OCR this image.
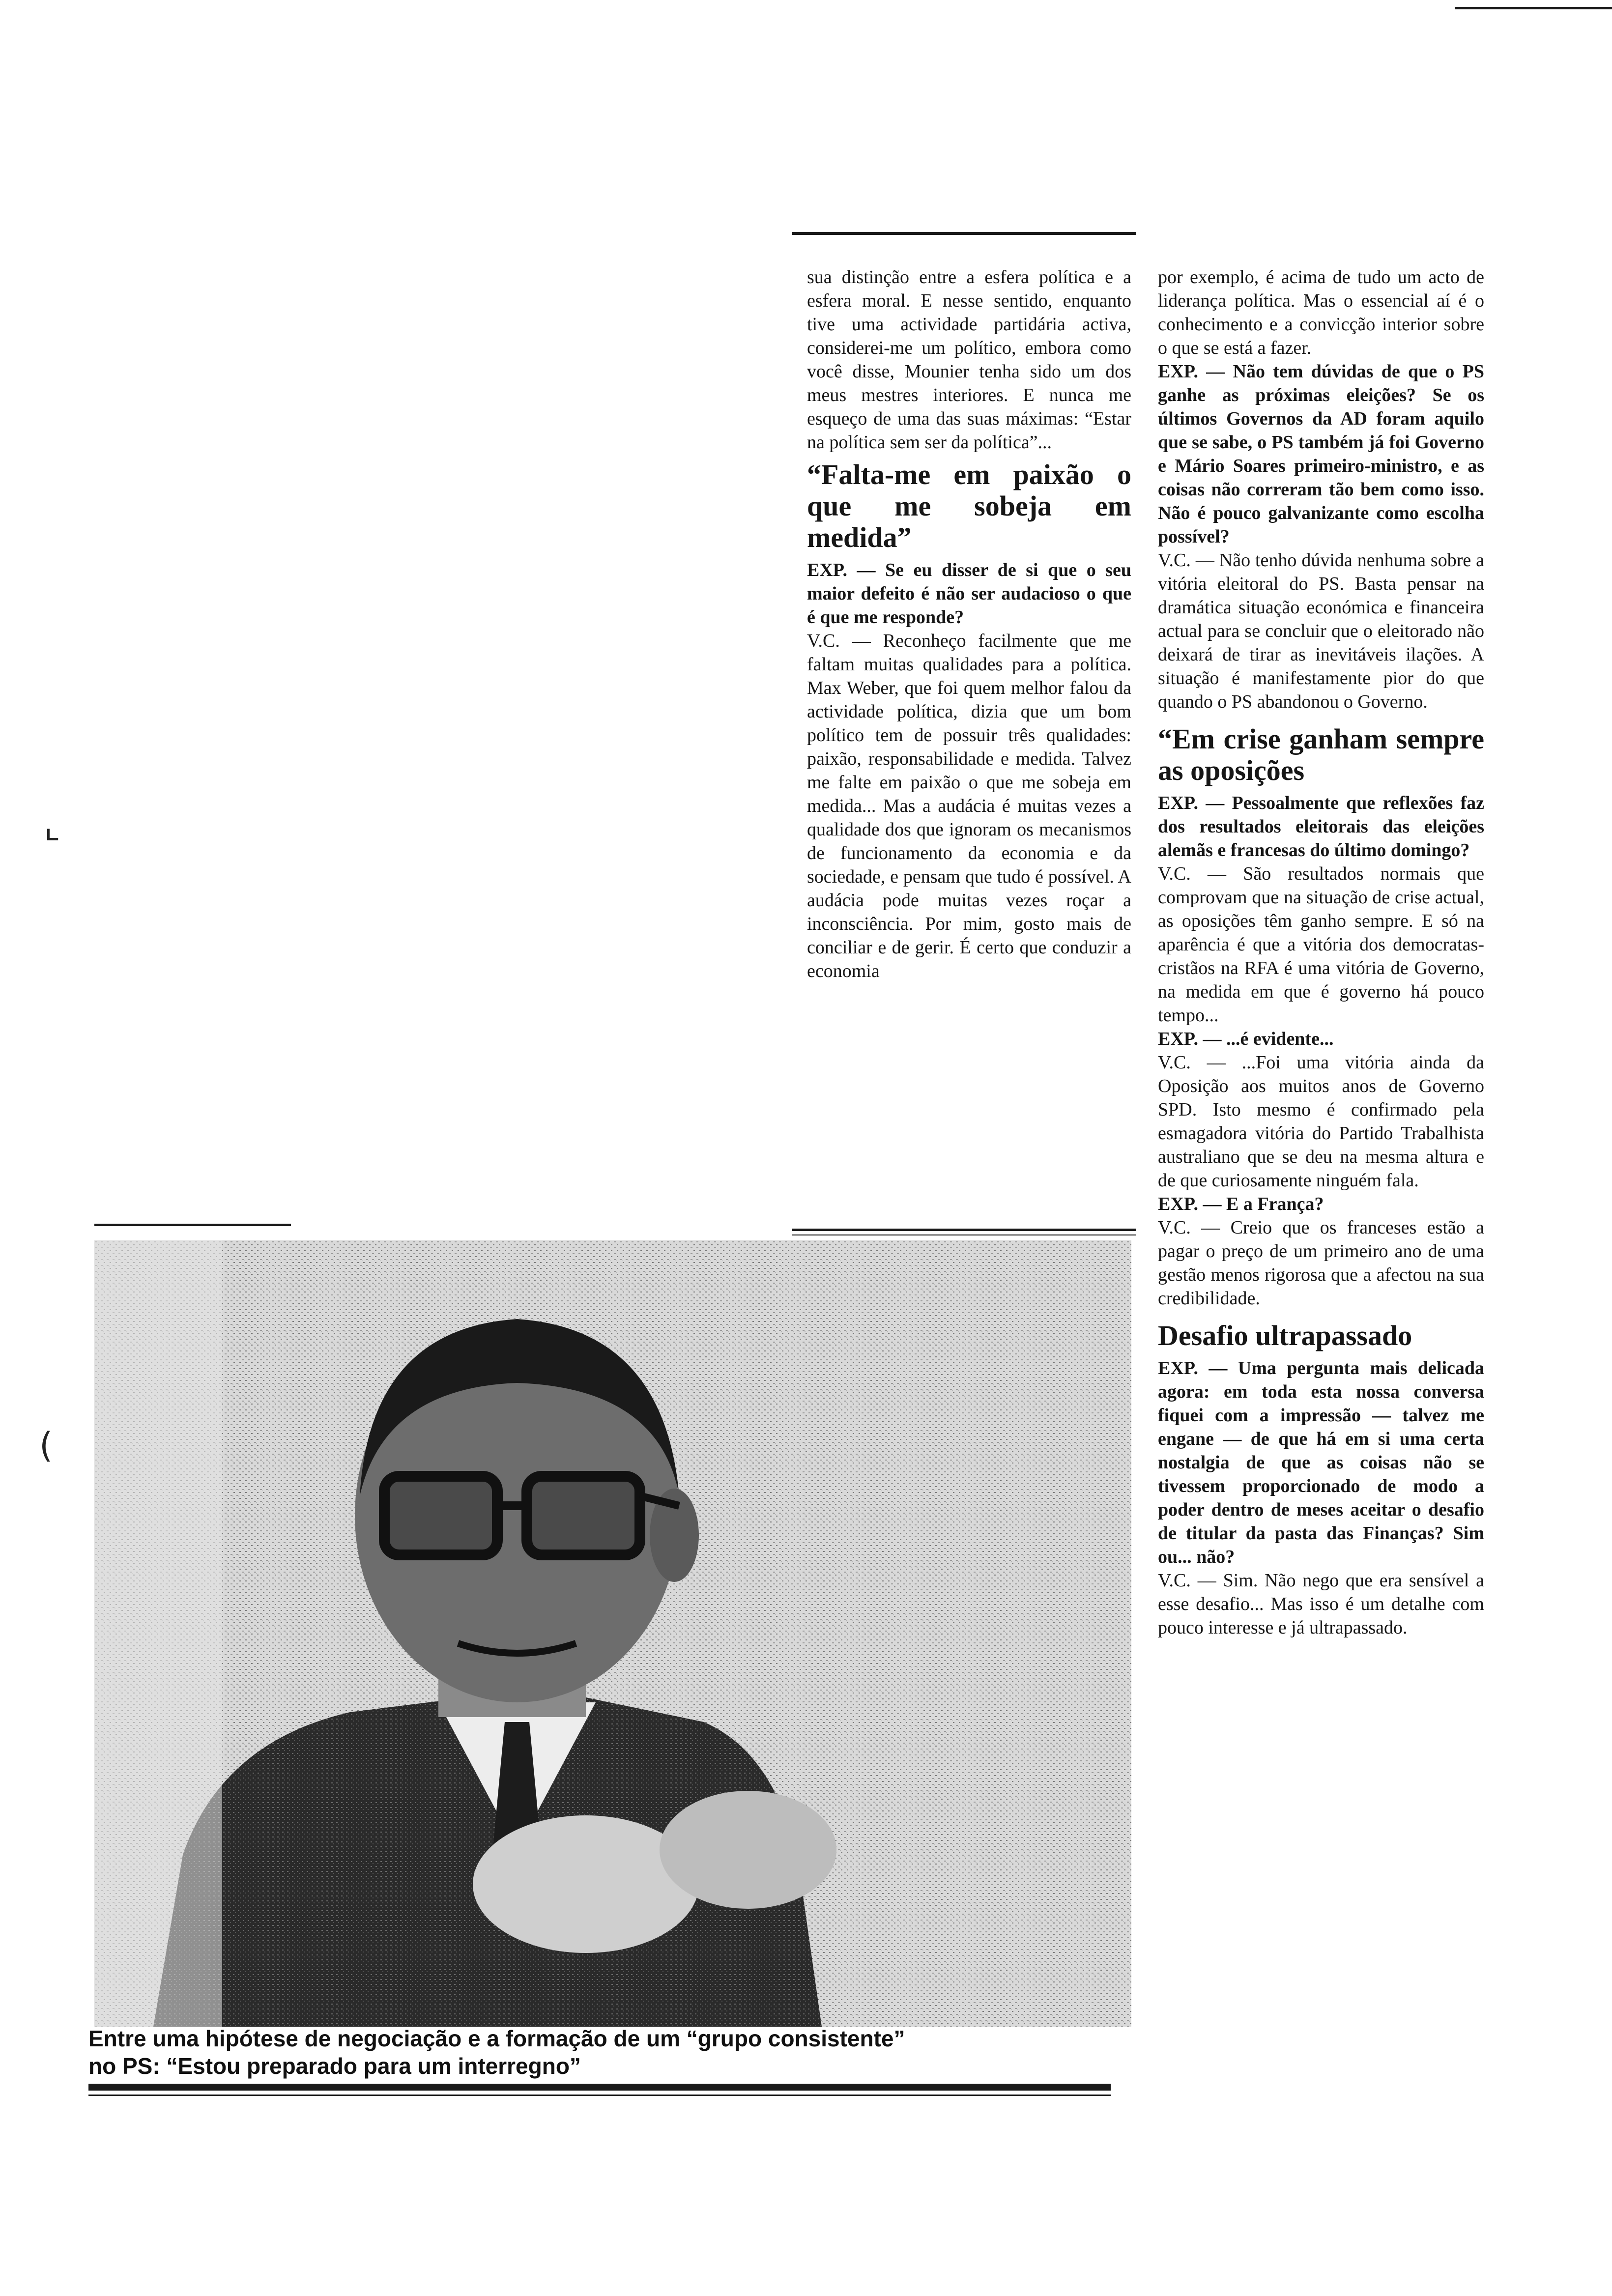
sua distinção entre a esfera política e a esfera moral. E nesse sentido, enquanto tive uma actividade partidária activa, considerei-me um político, embora como você disse, Mounier tenha sido um dos meus mestres interiores. E nunca me esqueço de uma das suas máximas: “Estar na política sem ser da política”...

“Falta-me em paixão o que me sobeja em medida”

EXP. — Se eu disser de si que o seu maior defeito é não ser audacioso o que é que me responde?

V.C. — Reconheço facilmente que me faltam muitas qualidades para a política. Max Weber, que foi quem melhor falou da actividade política, dizia que um bom político tem de possuir três qualidades: paixão, responsabilidade e medida. Talvez me falte em paixão o que me sobeja em medida... Mas a audácia é muitas vezes a qualidade dos que ignoram os mecanismos de funcionamento da economia e da sociedade, e pensam que tudo é possível. A audácia pode muitas vezes roçar a inconsciência. Por mim, gosto mais de conciliar e de gerir. É certo que conduzir a economia

por exemplo, é acima de tudo um acto de liderança política. Mas o essencial aí é o conhecimento e a convicção interior sobre o que se está a fazer.

EXP. — Não tem dúvidas de que o PS ganhe as próximas eleições? Se os últimos Governos da AD foram aquilo que se sabe, o PS também já foi Governo e Mário Soares primeiro-ministro, e as coisas não correram tão bem como isso. Não é pouco galvanizante como escolha possível?

V.C. — Não tenho dúvida nenhuma sobre a vitória eleitoral do PS. Basta pensar na dramática situação económica e financeira actual para se concluir que o eleitorado não deixará de tirar as inevitáveis ilações. A situação é manifestamente pior do que quando o PS abandonou o Governo.

“Em crise ganham sempre as oposições

EXP. — Pessoalmente que reflexões faz dos resultados eleitorais das eleições alemãs e francesas do último domingo?

V.C. — São resultados normais que comprovam que na situação de crise actual, as oposições têm ganho sempre. E só na aparência é que a vitória dos democratas-cristãos na RFA é uma vitória de Governo, na medida em que é governo há pouco tempo...

EXP. — ...é evidente...

V.C. — ...Foi uma vitória ainda da Oposição aos muitos anos de Governo SPD. Isto mesmo é confirmado pela esmagadora vitória do Partido Trabalhista australiano que se deu na mesma altura e de que curiosamente ninguém fala.

EXP. — E a França?

V.C. — Creio que os franceses estão a pagar o preço de um primeiro ano de uma gestão menos rigorosa que a afectou na sua credibilidade.

Desafio ultrapassado

EXP. — Uma pergunta mais delicada agora: em toda esta nossa conversa fiquei com a impressão — talvez me engane — de que há em si uma certa nostalgia de que as coisas não se tivessem proporcionado de modo a poder dentro de meses aceitar o desafio de titular da pasta das Finanças? Sim ou... não?

V.C. — Sim. Não nego que era sensível a esse desafio... Mas isso é um detalhe com pouco interesse e já ultrapassado.

Entre uma hipótese de negociação e a formação de um “grupo consistente”
no PS: “Estou preparado para um interregno”
⌞
(
